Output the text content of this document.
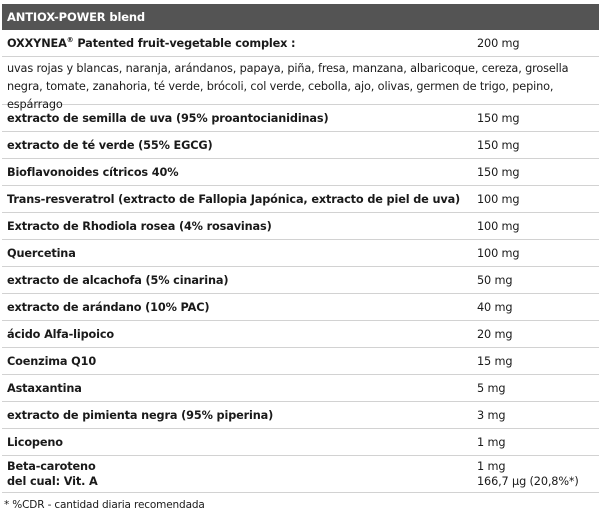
ANTIOX-POWER blend
OXXYNEA® Patented fruit-vegetable complex :	200 mg
uvas rojas y blancas, naranja, arándanos, papaya, piña, fresa, manzana, albaricoque, cereza, grosella negra, tomate, zanahoria, té verde, brócoli, col verde, cebolla, ajo, olivas, germen de trigo, pepino, espárrago
extracto de semilla de uva (95% proantocianidinas)	150 mg
extracto de té verde (55% EGCG)	150 mg
Bioflavonoides cítricos 40%	150 mg
Trans-resveratrol (extracto de Fallopia Japónica, extracto de piel de uva)	100 mg
Extracto de Rhodiola rosea (4% rosavinas)	100 mg
Quercetina	100 mg
extracto de alcachofa (5% cinarina)	50 mg
extracto de arándano (10% PAC)	40 mg
ácido Alfa-lipoico	20 mg
Coenzima Q10	15 mg
Astaxantina	5 mg
extracto de pimienta negra (95% piperina)	3 mg
Licopeno	1 mg
Beta-caroteno	1 mg
del cual: Vit. A	166,7 µg (20,8%*)
* %CDR - cantidad diaria recomendada
